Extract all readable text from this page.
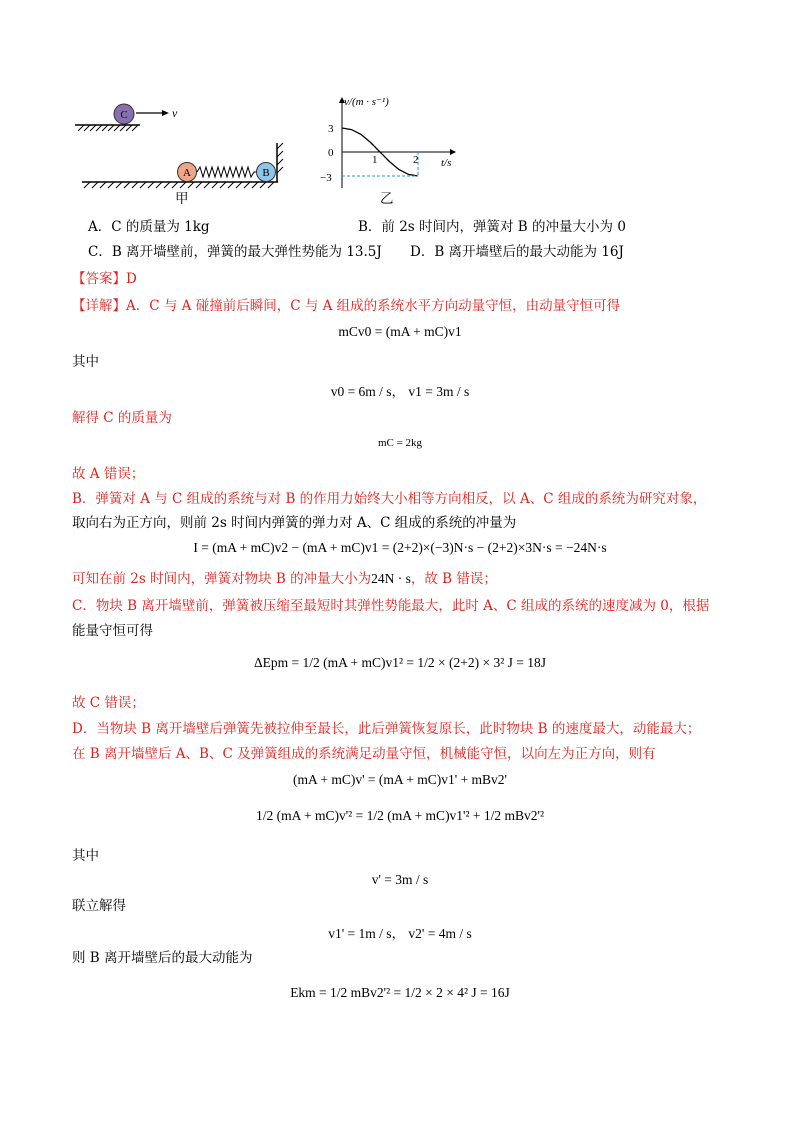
C	v
A	B
甲
v/(m · s⁻¹)
t/s
3
0
−3
1	2
乙
A．C 的质量为 1kg	B．前 2s 时间内，弹簧对 B 的冲量大小为 0
C．B 离开墙壁前，弹簧的最大弹性势能为 13.5J D．B 离开墙壁后的最大动能为 16J
【答案】D
【详解】A．C 与 A 碰撞前后瞬间，C 与 A 组成的系统水平方向动量守恒，由动量守恒可得
mCv0 = (mA + mC)v1
其中
v0 = 6m / s， v1 = 3m / s
解得 C 的质量为
mC = 2kg
故 A 错误；
B．弹簧对 A 与 C 组成的系统与对 B 的作用力始终大小相等方向相反，以 A、C 组成的系统为研究对象，
取向右为正方向，则前 2s 时间内弹簧的弹力对 A、C 组成的系统的冲量为
I = (mA + mC)v2 − (mA + mC)v1 = (2+2)×(−3)N·s − (2+2)×3N·s = −24N·s
可知在前 2s 时间内，弹簧对物块 B 的冲量大小为24N · s，故 B 错误；
C．物块 B 离开墙壁前，弹簧被压缩至最短时其弹性势能最大，此时 A、C 组成的系统的速度减为 0，根据
能量守恒可得
ΔEpm = 1/2 (mA + mC)v1² = 1/2 × (2+2) × 3² J = 18J
故 C 错误；
D．当物块 B 离开墙壁后弹簧先被拉伸至最长，此后弹簧恢复原长，此时物块 B 的速度最大，动能最大；
在 B 离开墙壁后 A、B、C 及弹簧组成的系统满足动量守恒，机械能守恒，以向左为正方向，则有
(mA + mC)v' = (mA + mC)v1' + mBv2'
1/2 (mA + mC)v'² = 1/2 (mA + mC)v1'² + 1/2 mBv2'²
其中
v' = 3m / s
联立解得
v1' = 1m / s， v2' = 4m / s
则 B 离开墙壁后的最大动能为
Ekm = 1/2 mBv2'² = 1/2 × 2 × 4² J = 16J
